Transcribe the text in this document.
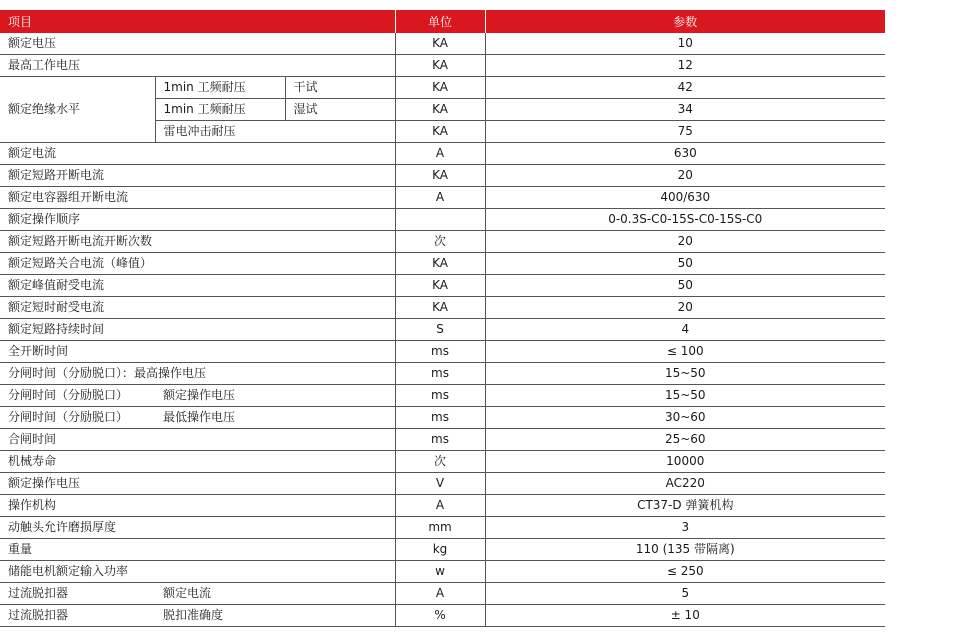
项目			单位	参数
额定电压			KA	10
最高工作电压			KA	12
额定绝缘水平	1min 工频耐压	干试	KA	42
	1min 工频耐压	湿试	KA	34
	雷电冲击耐压		KA	75
额定电流			A	630
额定短路开断电流			KA	20
额定电容器组开断电流			A	400/630
额定操作顺序				0-0.3S-C0-15S-C0-15S-C0
额定短路开断电流开断次数			次	20
额定短路关合电流（峰值）			KA	50
额定峰值耐受电流			KA	50
额定短时耐受电流			KA	20
额定短路持续时间			S	4
全开断时间			ms	≤ 100
分闸时间（分励脱口）：最高操作电压			ms	15~50
分闸时间（分励脱口）	额定操作电压		ms	15~50
分闸时间（分励脱口）	最低操作电压		ms	30~60
合闸时间			ms	25~60
机械寿命			次	10000
额定操作电压			V	AC220
操作机构			A	CT37-D 弹簧机构
动触头允许磨损厚度			mm	3
重量			kg	110 (135 带隔离)
储能电机额定输入功率			w	≤ 250
过流脱扣器	额定电流		A	5
过流脱扣器	脱扣准确度		%	± 10
